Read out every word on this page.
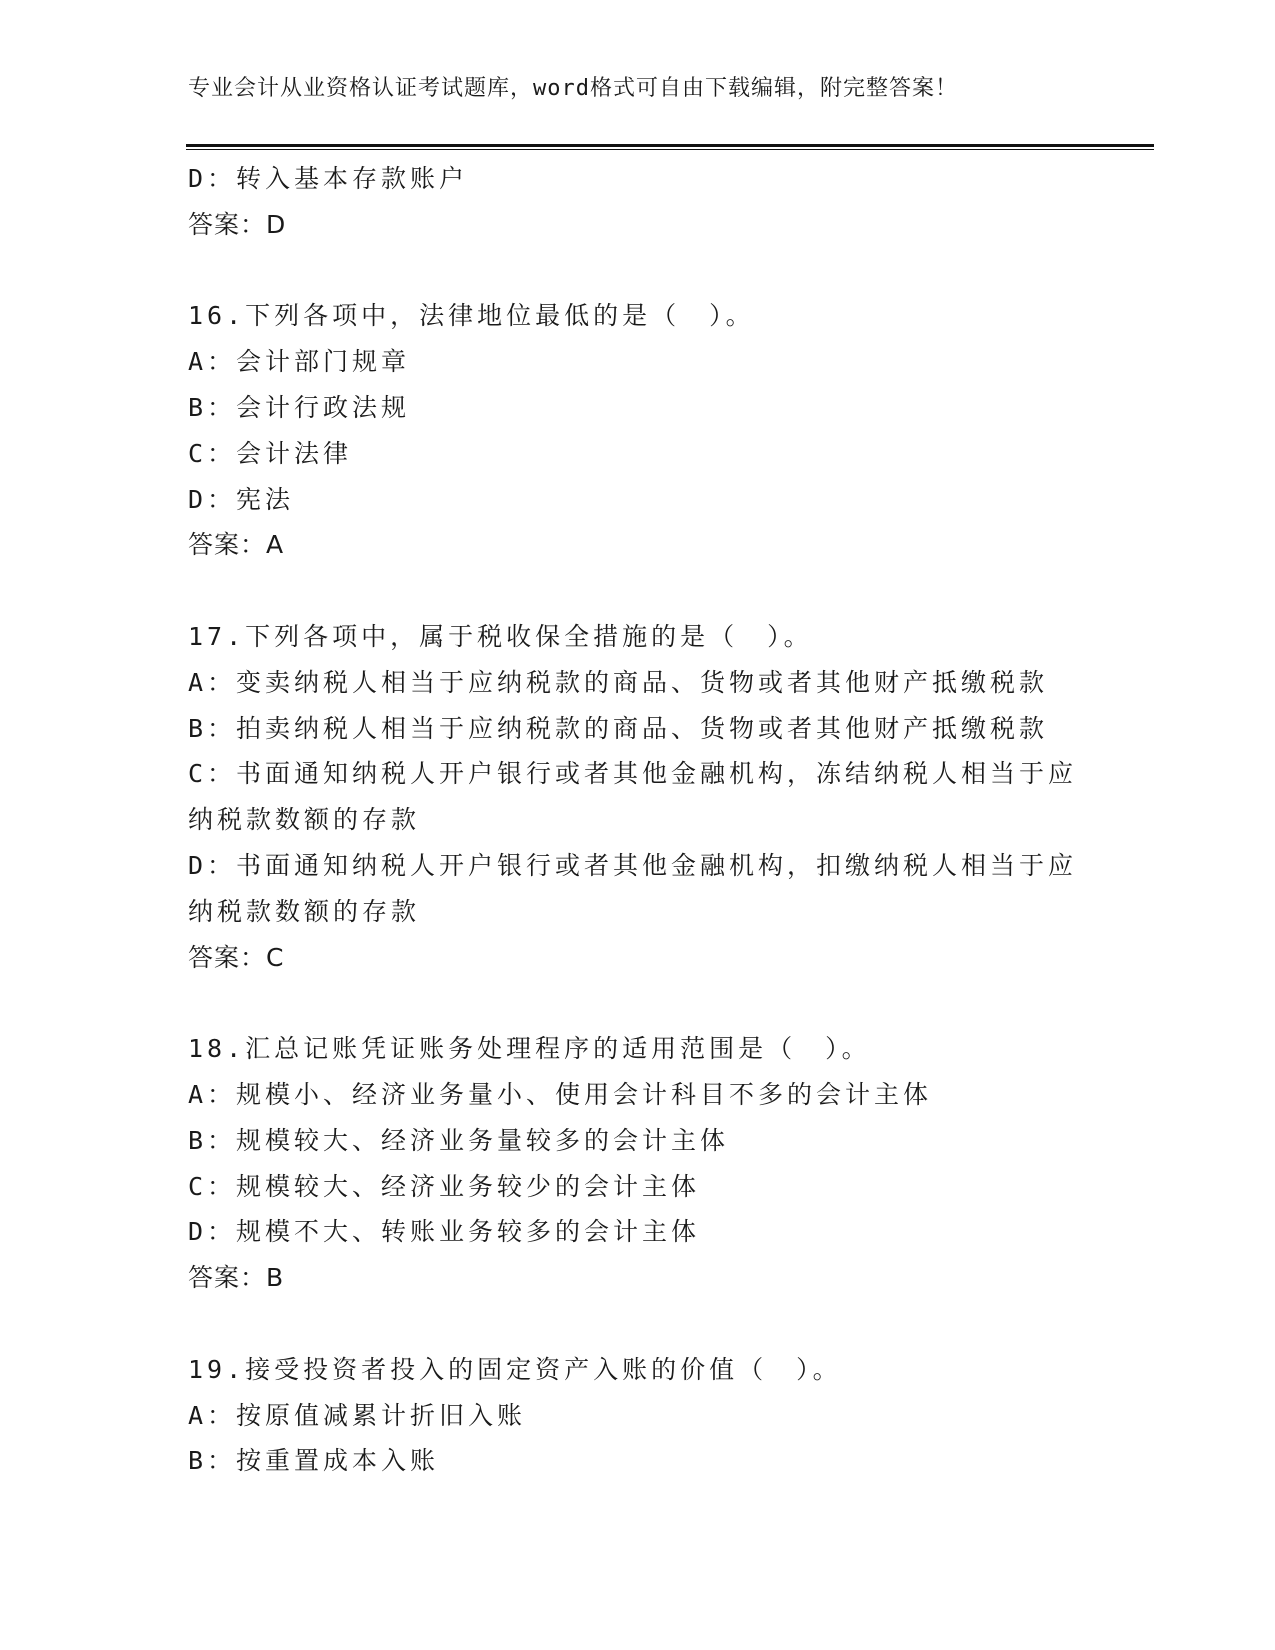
专业会计从业资格认证考试题库，word格式可自由下载编辑，附完整答案！
D：转入基本存款账户
答案：D
16.下列各项中，法律地位最低的是（　）。
A：会计部门规章
B：会计行政法规
C：会计法律
D：宪法
答案：A
17.下列各项中，属于税收保全措施的是（　）。
A：变卖纳税人相当于应纳税款的商品、货物或者其他财产抵缴税款
B：拍卖纳税人相当于应纳税款的商品、货物或者其他财产抵缴税款
C：书面通知纳税人开户银行或者其他金融机构，冻结纳税人相当于应
纳税款数额的存款
D：书面通知纳税人开户银行或者其他金融机构，扣缴纳税人相当于应
纳税款数额的存款
答案：C
18.汇总记账凭证账务处理程序的适用范围是（　）。
A：规模小、经济业务量小、使用会计科目不多的会计主体
B：规模较大、经济业务量较多的会计主体
C：规模较大、经济业务较少的会计主体
D：规模不大、转账业务较多的会计主体
答案：B
19.接受投资者投入的固定资产入账的价值（　）。
A：按原值减累计折旧入账
B：按重置成本入账
